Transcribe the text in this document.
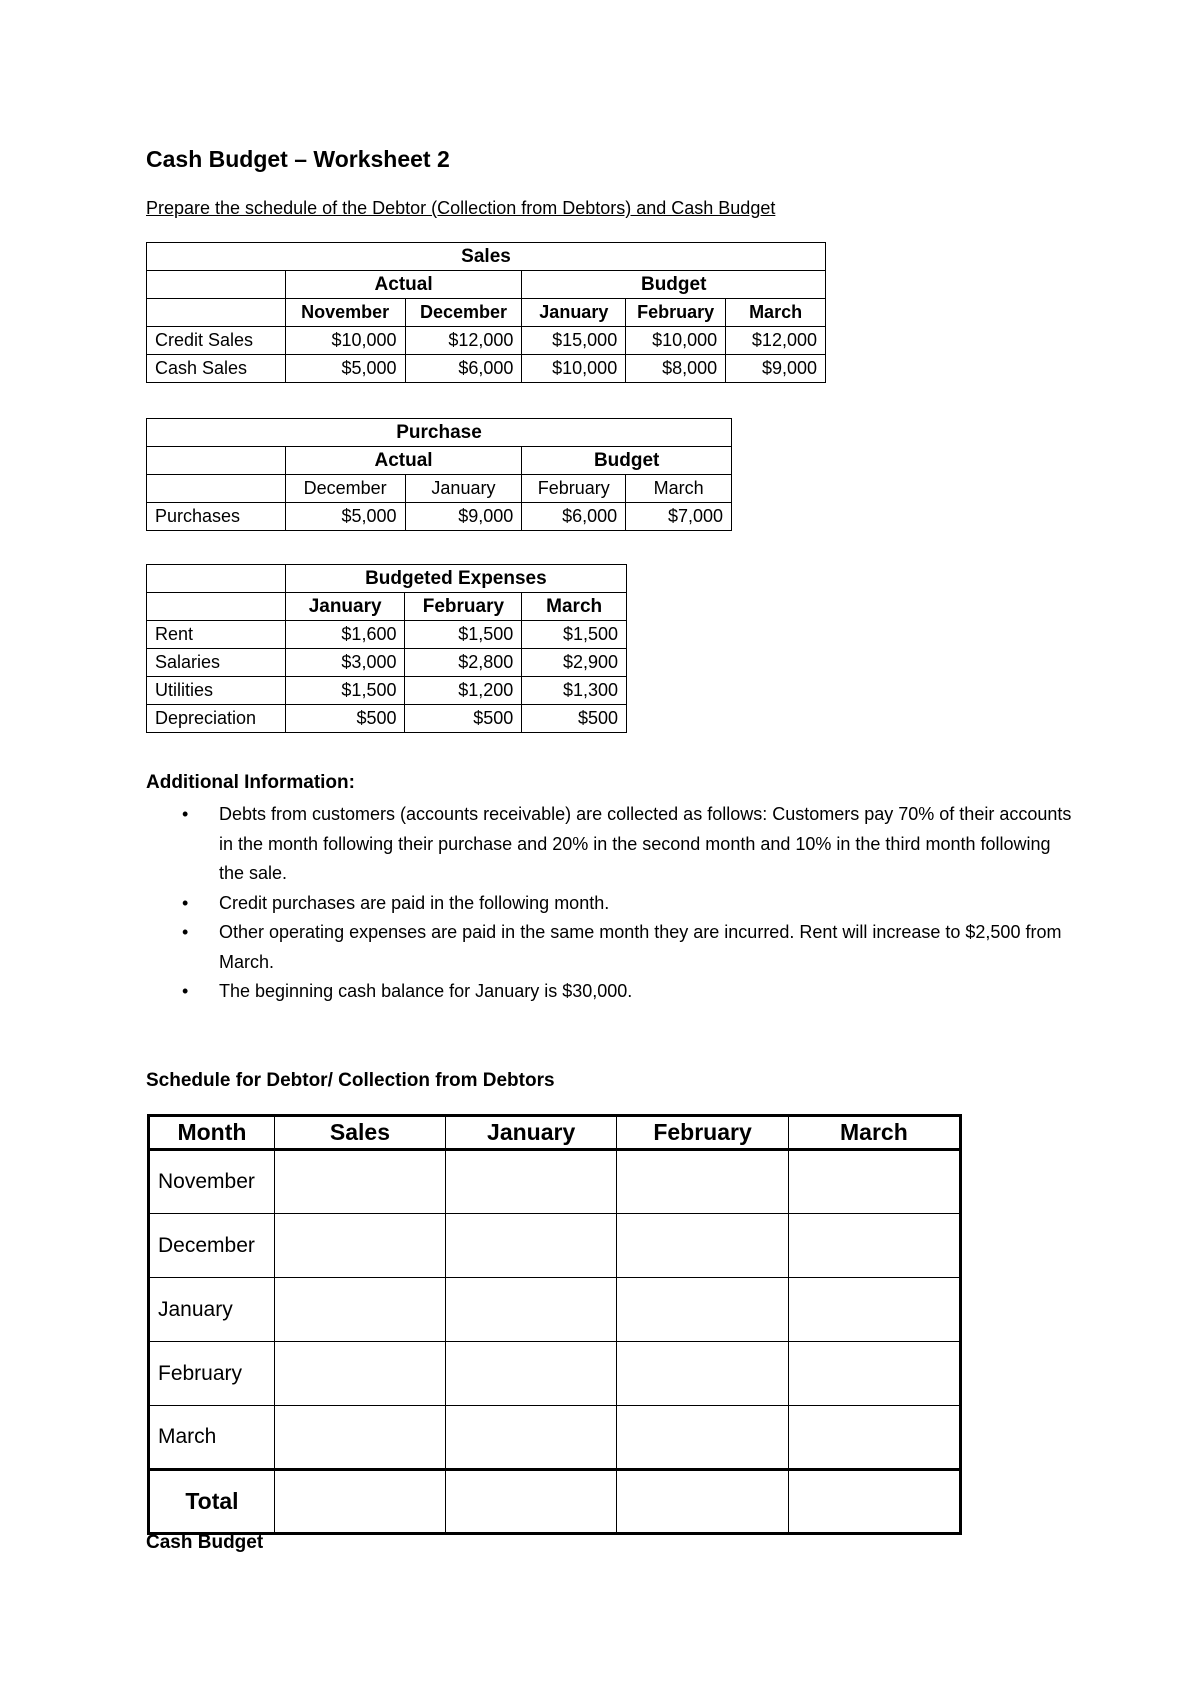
Cash Budget – Worksheet 2
Prepare the schedule of the Debtor (Collection from Debtors) and Cash Budget
Sales					
	Actual		Budget		
	November	December	January	February	March
Credit Sales	$10,000	$12,000	$15,000	$10,000	$12,000
Cash Sales	$5,000	$6,000	$10,000	$8,000	$9,000
Purchase				
	Actual		Budget	
	December	January	February	March
Purchases	$5,000	$9,000	$6,000	$7,000
	Budgeted Expenses		
	January	February	March
Rent	$1,600	$1,500	$1,500
Salaries	$3,000	$2,800	$2,900
Utilities	$1,500	$1,200	$1,300
Depreciation	$500	$500	$500
Additional Information:
• Debts from customers (accounts receivable) are collected as follows: Customers pay 70% of their accounts in the month following their purchase and 20% in the second month and 10% in the third month following the sale.
• Credit purchases are paid in the following month.
• Other operating expenses are paid in the same month they are incurred. Rent will increase to $2,500 from March.
• The beginning cash balance for January is $30,000.
Schedule for Debtor/ Collection from Debtors
Month	Sales	January	February	March
November				
December				
January				
February				
March				
Total				
Cash Budget
